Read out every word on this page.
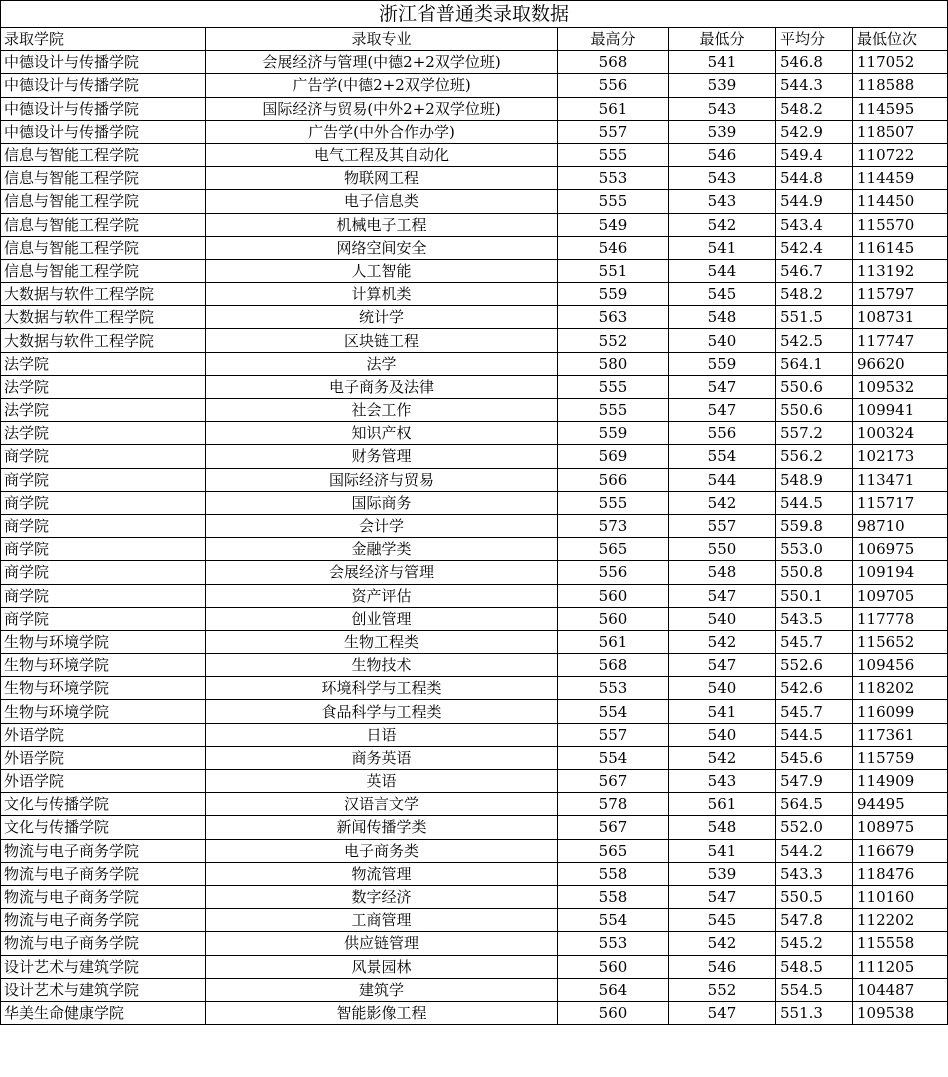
浙江省普通类录取数据					
录取学院	录取专业	最高分	最低分	平均分	最低位次
中德设计与传播学院	会展经济与管理(中德2+2双学位班)	568	541	546.8	117052
中德设计与传播学院	广告学(中德2+2双学位班)	556	539	544.3	118588
中德设计与传播学院	国际经济与贸易(中外2+2双学位班)	561	543	548.2	114595
中德设计与传播学院	广告学(中外合作办学)	557	539	542.9	118507
信息与智能工程学院	电气工程及其自动化	555	546	549.4	110722
信息与智能工程学院	物联网工程	553	543	544.8	114459
信息与智能工程学院	电子信息类	555	543	544.9	114450
信息与智能工程学院	机械电子工程	549	542	543.4	115570
信息与智能工程学院	网络空间安全	546	541	542.4	116145
信息与智能工程学院	人工智能	551	544	546.7	113192
大数据与软件工程学院	计算机类	559	545	548.2	115797
大数据与软件工程学院	统计学	563	548	551.5	108731
大数据与软件工程学院	区块链工程	552	540	542.5	117747
法学院	法学	580	559	564.1	96620
法学院	电子商务及法律	555	547	550.6	109532
法学院	社会工作	555	547	550.6	109941
法学院	知识产权	559	556	557.2	100324
商学院	财务管理	569	554	556.2	102173
商学院	国际经济与贸易	566	544	548.9	113471
商学院	国际商务	555	542	544.5	115717
商学院	会计学	573	557	559.8	98710
商学院	金融学类	565	550	553.0	106975
商学院	会展经济与管理	556	548	550.8	109194
商学院	资产评估	560	547	550.1	109705
商学院	创业管理	560	540	543.5	117778
生物与环境学院	生物工程类	561	542	545.7	115652
生物与环境学院	生物技术	568	547	552.6	109456
生物与环境学院	环境科学与工程类	553	540	542.6	118202
生物与环境学院	食品科学与工程类	554	541	545.7	116099
外语学院	日语	557	540	544.5	117361
外语学院	商务英语	554	542	545.6	115759
外语学院	英语	567	543	547.9	114909
文化与传播学院	汉语言文学	578	561	564.5	94495
文化与传播学院	新闻传播学类	567	548	552.0	108975
物流与电子商务学院	电子商务类	565	541	544.2	116679
物流与电子商务学院	物流管理	558	539	543.3	118476
物流与电子商务学院	数字经济	558	547	550.5	110160
物流与电子商务学院	工商管理	554	545	547.8	112202
物流与电子商务学院	供应链管理	553	542	545.2	115558
设计艺术与建筑学院	风景园林	560	546	548.5	111205
设计艺术与建筑学院	建筑学	564	552	554.5	104487
华美生命健康学院	智能影像工程	560	547	551.3	109538
